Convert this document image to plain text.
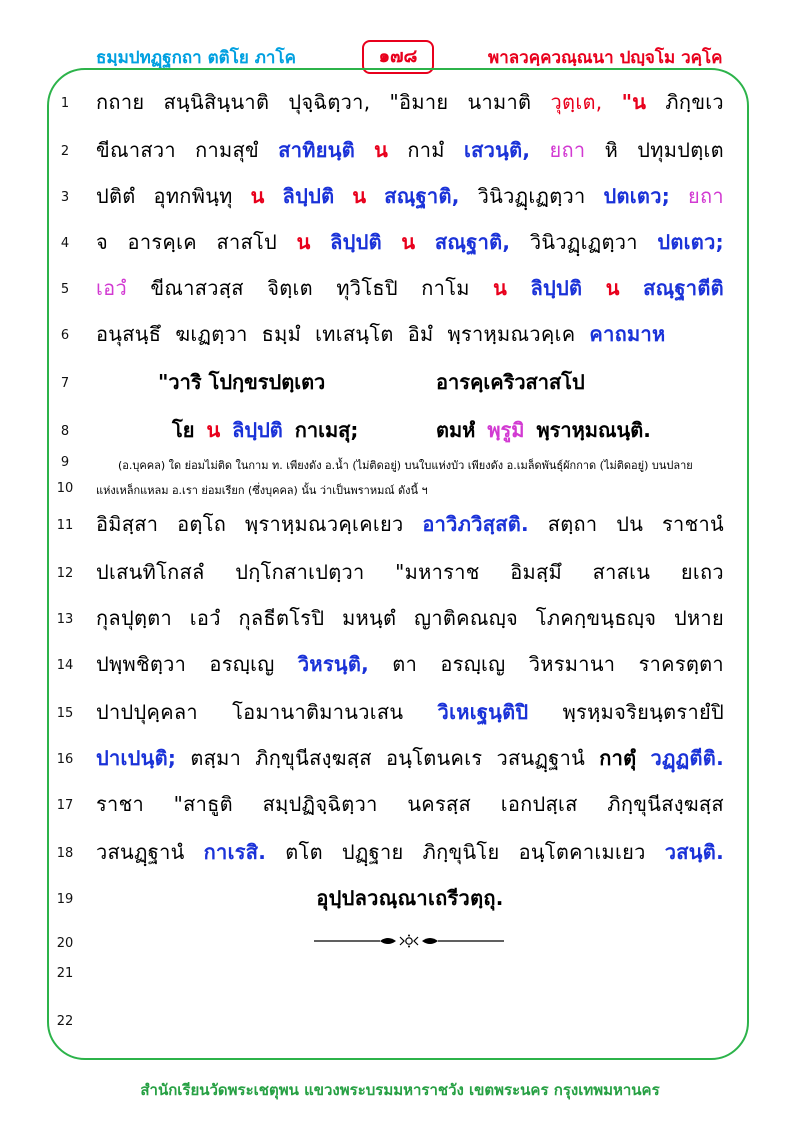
ธมฺมปทฏฺฐกถา ตติโย ภาโค	๑๗๘	พาลวคฺควณฺณนา ปญฺจโม วคฺโค
1
2
3
4
5
6
7
8
9
10
11
12
13
14
15
16
17
18
19
20
21
22
กถาย สนฺนิสินฺนาติ ปุจฺฉิตฺวา, "อิมาย นามาติ วุตฺเต, "น ภิกฺขเว
ขีณาสวา กามสุขํ สาทิยนฺติ น กามํ เสวนฺติ, ยถา หิ ปทุมปตฺเต
ปติตํ อุทกพินฺทุ น ลิปฺปติ น สณฺฐาติ, วินิวฏฺเฏตฺวา ปตเตว; ยถา
จ อารคฺเค สาสโป น ลิปฺปติ น สณฺฐาติ, วินิวฏฺเฏตฺวา ปตเตว;
เอวํ ขีณาสวสฺส จิตฺเต ทุวิโธปิ กาโม น ลิปฺปติ น สณฺฐาตีติ
อนุสนฺธึ ฆเฏตฺวา ธมฺมํ เทเสนฺโต อิมํ พฺราหฺมณวคฺเค คาถมาห
"วาริ โปกฺขรปตฺเตว	อารคฺเคริวสาสโป
โย น ลิปฺปติ กาเมสุ;	ตมหํ พฺรูมิ พฺราหฺมณนฺติ.
(อ.บุคคล) ใด ย่อมไม่ติด ในกาม ท. เพียงดัง อ.น้ำ (ไม่ติดอยู่) บนใบแห่งบัว เพียงดัง อ.เมล็ดพันธุ์ผักกาด (ไม่ติดอยู่) บนปลาย
แห่งเหล็กแหลม อ.เรา ย่อมเรียก (ซึ่งบุคคล) นั้น ว่าเป็นพราหมณ์ ดังนี้ ฯ
อิมิสฺสา อตฺโถ พฺราหฺมณวคฺเคเยว อาวิภวิสฺสติ. สตฺถา ปน ราชานํ
ปเสนทิโกสลํ ปกฺโกสาเปตฺวา "มหาราช อิมสฺมึ สาสเน ยเถว
กุลปุตฺตา เอวํ กุลธีตโรปิ มหนฺตํ ญาติคณญฺจ โภคกฺขนฺธญฺจ ปหาย
ปพฺพชิตฺวา อรญฺเญ วิหรนฺติ, ตา อรญฺเญ วิหรมานา ราครตฺตา
ปาปปุคฺคลา โอมานาติมานวเสน วิเหเฐนฺติปิ พฺรหฺมจริยนฺตรายํปิ
ปาเปนฺติ; ตสฺมา ภิกฺขุนีสงฺฆสฺส อนฺโตนคเร วสนฏฺฐานํ กาตุํ วฏฺฏตีติ.
ราชา "สาธูติ สมฺปฏิจฺฉิตฺวา นครสฺส เอกปสฺเส ภิกฺขุนีสงฺฆสฺส
วสนฏฺฐานํ กาเรสิ. ตโต ปฏฺฐาย ภิกฺขุนิโย อนฺโตคาเมเยว วสนฺติ.
อุปฺปลวณฺณาเถรีวตฺถุ.
สำนักเรียนวัดพระเชตุพน แขวงพระบรมมหาราชวัง เขตพระนคร กรุงเทพมหานคร
